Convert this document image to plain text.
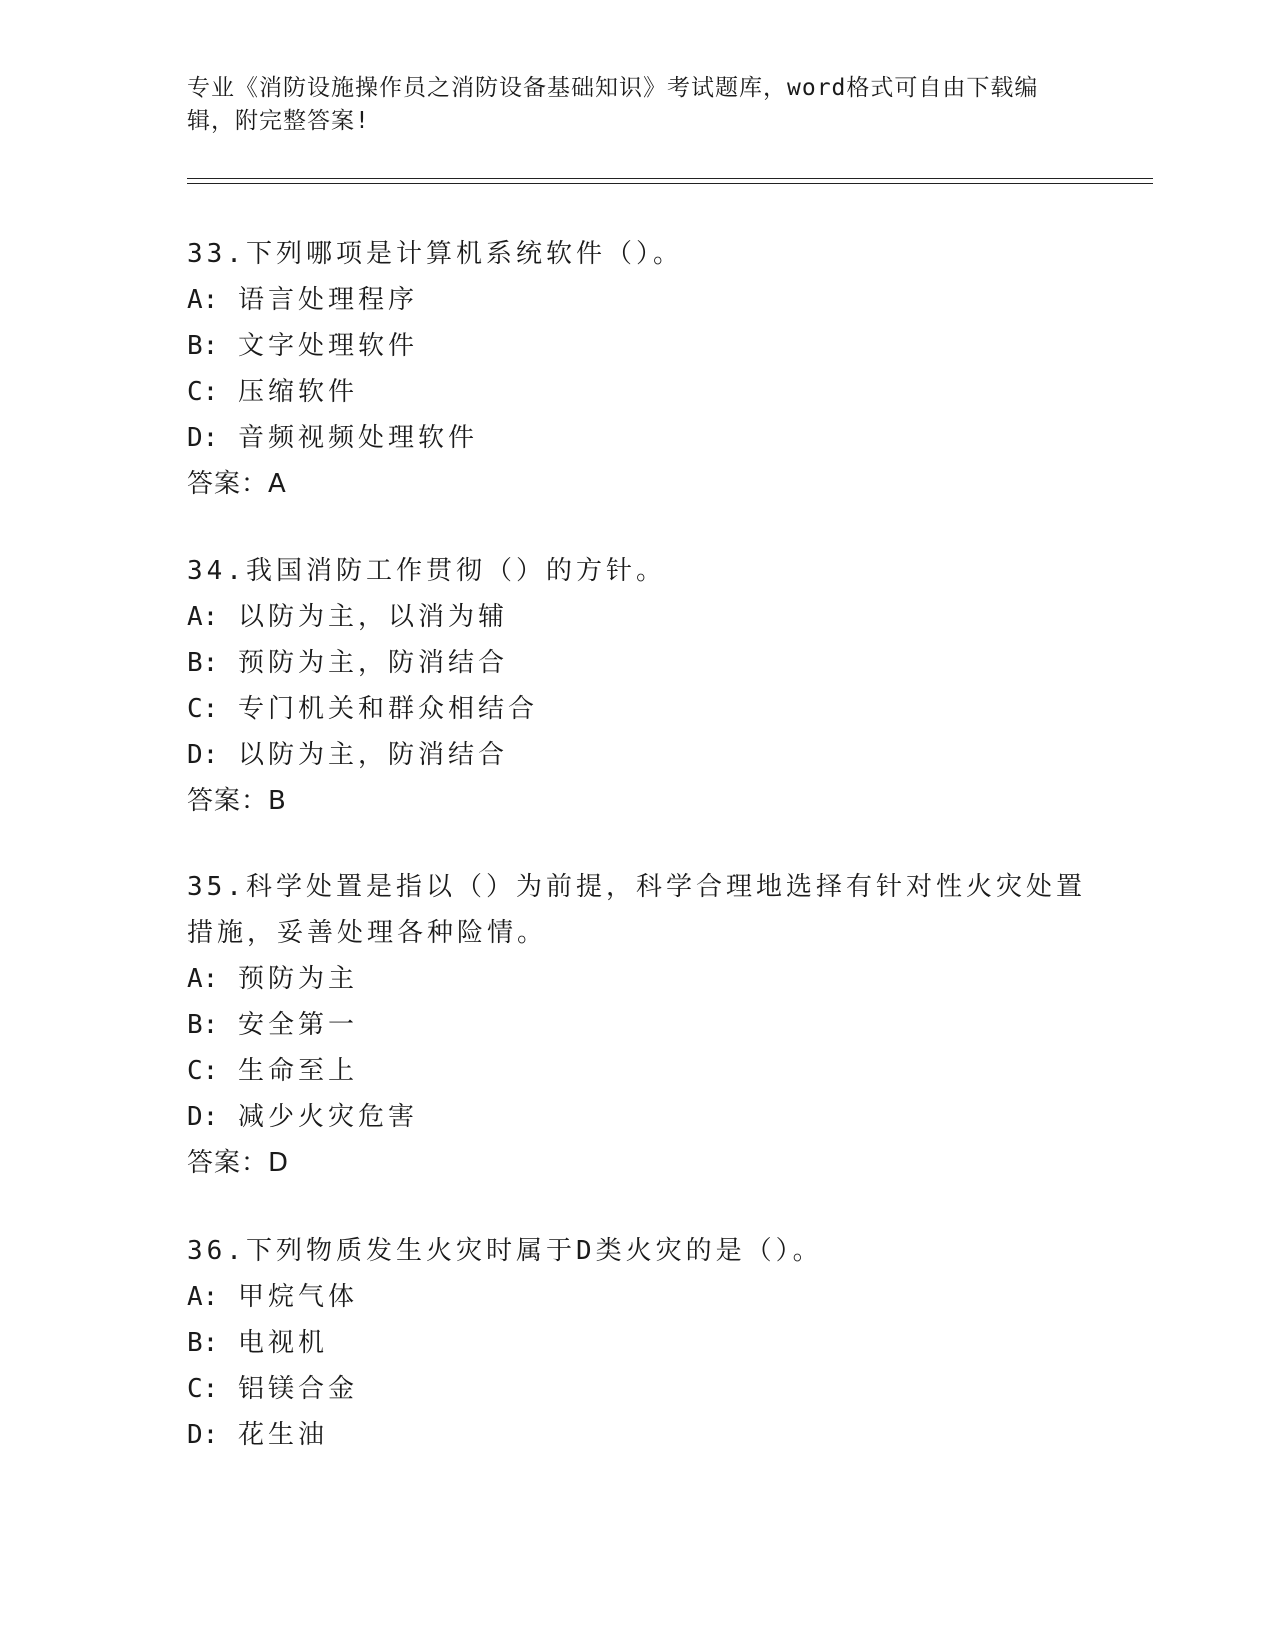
专业《消防设施操作员之消防设备基础知识》考试题库，word格式可自由下载编辑，附完整答案!

33.下列哪项是计算机系统软件（）。

A: 语言处理程序

B: 文字处理软件

C: 压缩软件

D: 音频视频处理软件

答案：A

34.我国消防工作贯彻（）的方针。

A: 以防为主，以消为辅

B: 预防为主，防消结合

C: 专门机关和群众相结合

D: 以防为主，防消结合

答案：B

35.科学处置是指以（）为前提，科学合理地选择有针对性火灾处置措施，妥善处理各种险情。

A: 预防为主

B: 安全第一

C: 生命至上

D: 减少火灾危害

答案：D

36.下列物质发生火灾时属于D类火灾的是（）。

A: 甲烷气体

B: 电视机

C: 铝镁合金

D: 花生油
